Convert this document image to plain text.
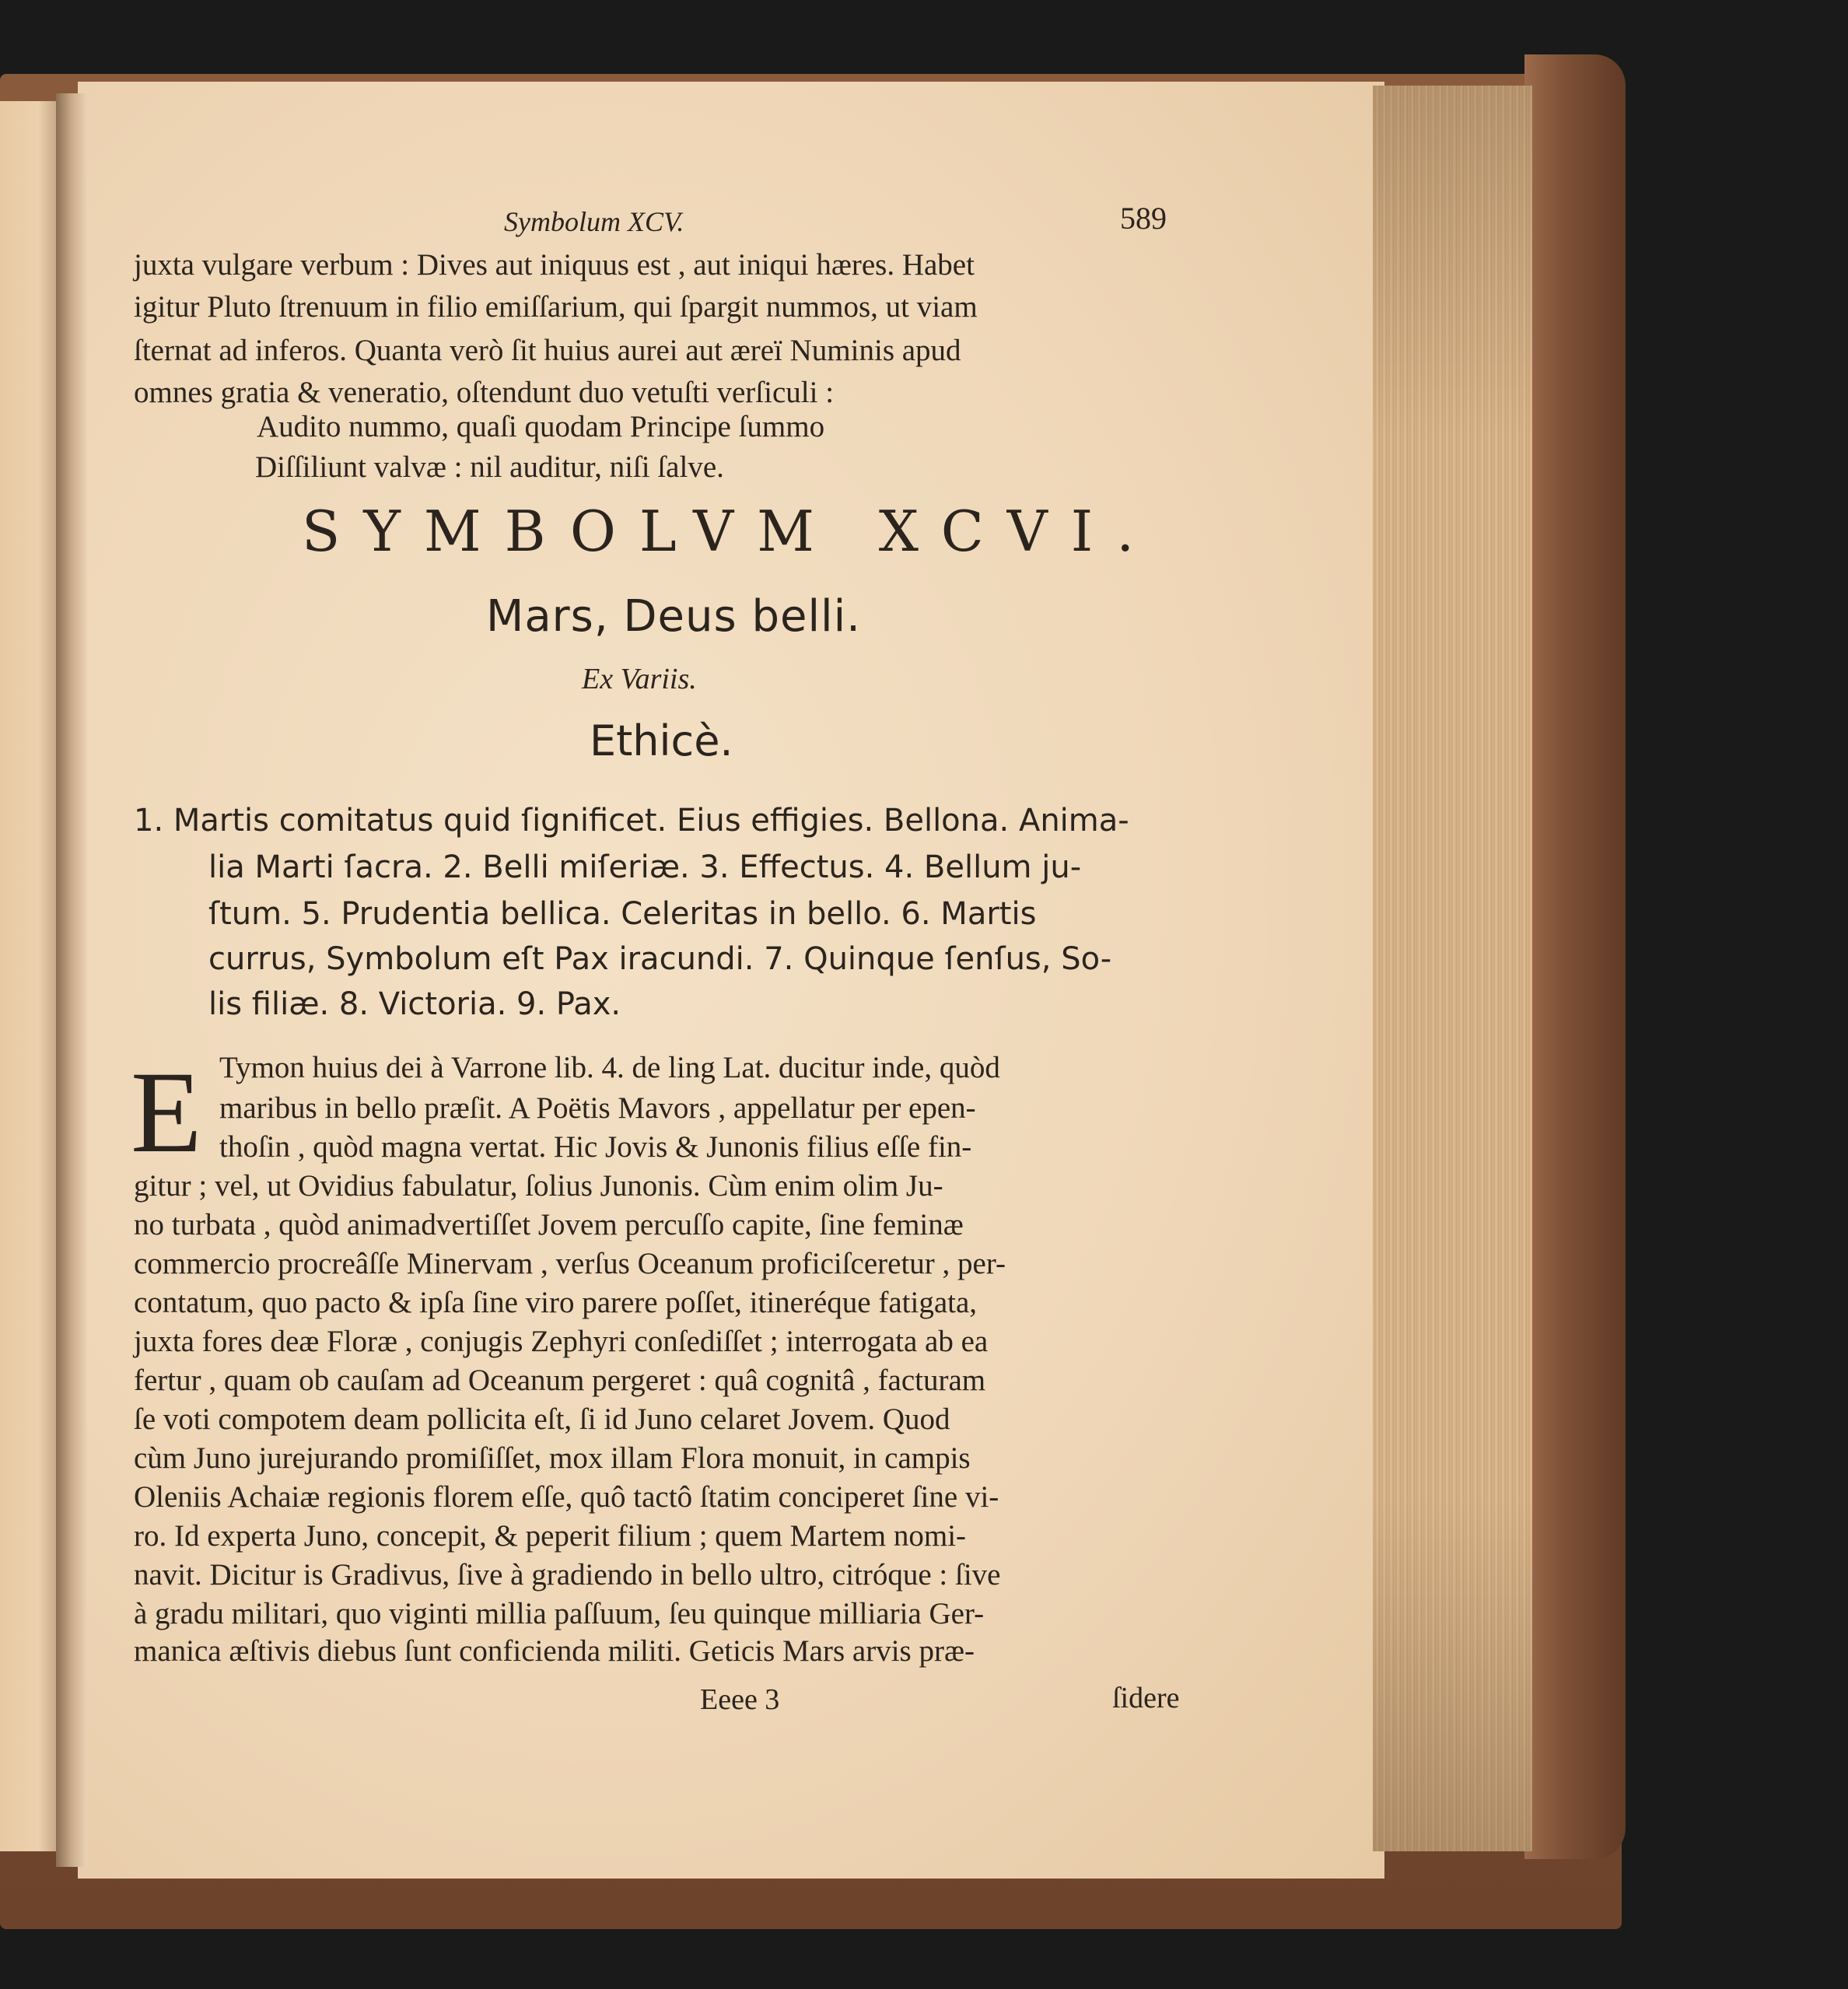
Symbolum XCV.	589
juxta vulgare verbum : Dives aut iniquus est , aut iniqui hæres. Habet
igitur Pluto ſtrenuum in filio emiſſarium, qui ſpargit nummos, ut viam
ſternat ad inferos. Quanta verò ſit huius aurei aut æreï Numinis apud
omnes gratia & veneratio, oſtendunt duo vetuſti verſiculi :
Audito nummo, quaſi quodam Principe ſummo
Diſſiliunt valvæ : nil auditur, niſi ſalve.
SYMBOLVM XCVI.
Mars, Deus belli.
Ex Variis.
Ethicè.
1. Martis comitatus quid ſignificet. Eius effigies. Bellona. Anima-
lia Marti ſacra. 2. Belli miſeriæ. 3. Effectus. 4. Bellum ju-
ſtum. 5. Prudentia bellica. Celeritas in bello. 6. Martis
currus, Symbolum eſt Pax iracundi. 7. Quinque ſenſus, So-
lis filiæ. 8. Victoria. 9. Pax.
E Tymon huius dei à Varrone lib. 4. de ling Lat. ducitur inde, quòd
maribus in bello præſit. A Poëtis Mavors , appellatur per epen-
thoſin , quòd magna vertat. Hic Jovis & Junonis filius eſſe fin-
gitur ; vel, ut Ovidius fabulatur, ſolius Junonis. Cùm enim olim Ju-
no turbata , quòd animadvertiſſet Jovem percuſſo capite, ſine feminæ
commercio procreâſſe Minervam , verſus Oceanum proficiſceretur , per-
contatum, quo pacto & ipſa ſine viro parere poſſet, itineréque fatigata,
juxta fores deæ Floræ , conjugis Zephyri conſediſſet ; interrogata ab ea
fertur , quam ob cauſam ad Oceanum pergeret : quâ cognitâ , facturam
ſe voti compotem deam pollicita eſt, ſi id Juno celaret Jovem. Quod
cùm Juno jurejurando promiſiſſet, mox illam Flora monuit, in campis
Oleniis Achaiæ regionis florem eſſe, quô tactô ſtatim conciperet ſine vi-
ro. Id experta Juno, concepit, & peperit filium ; quem Martem nomi-
navit. Dicitur is Gradivus, ſive à gradiendo in bello ultro, citróque : ſive
à gradu militari, quo viginti millia paſſuum, ſeu quinque milliaria Ger-
manica æſtivis diebus ſunt conficienda militi. Geticis Mars arvis præ-
Eeee 3	ſidere
